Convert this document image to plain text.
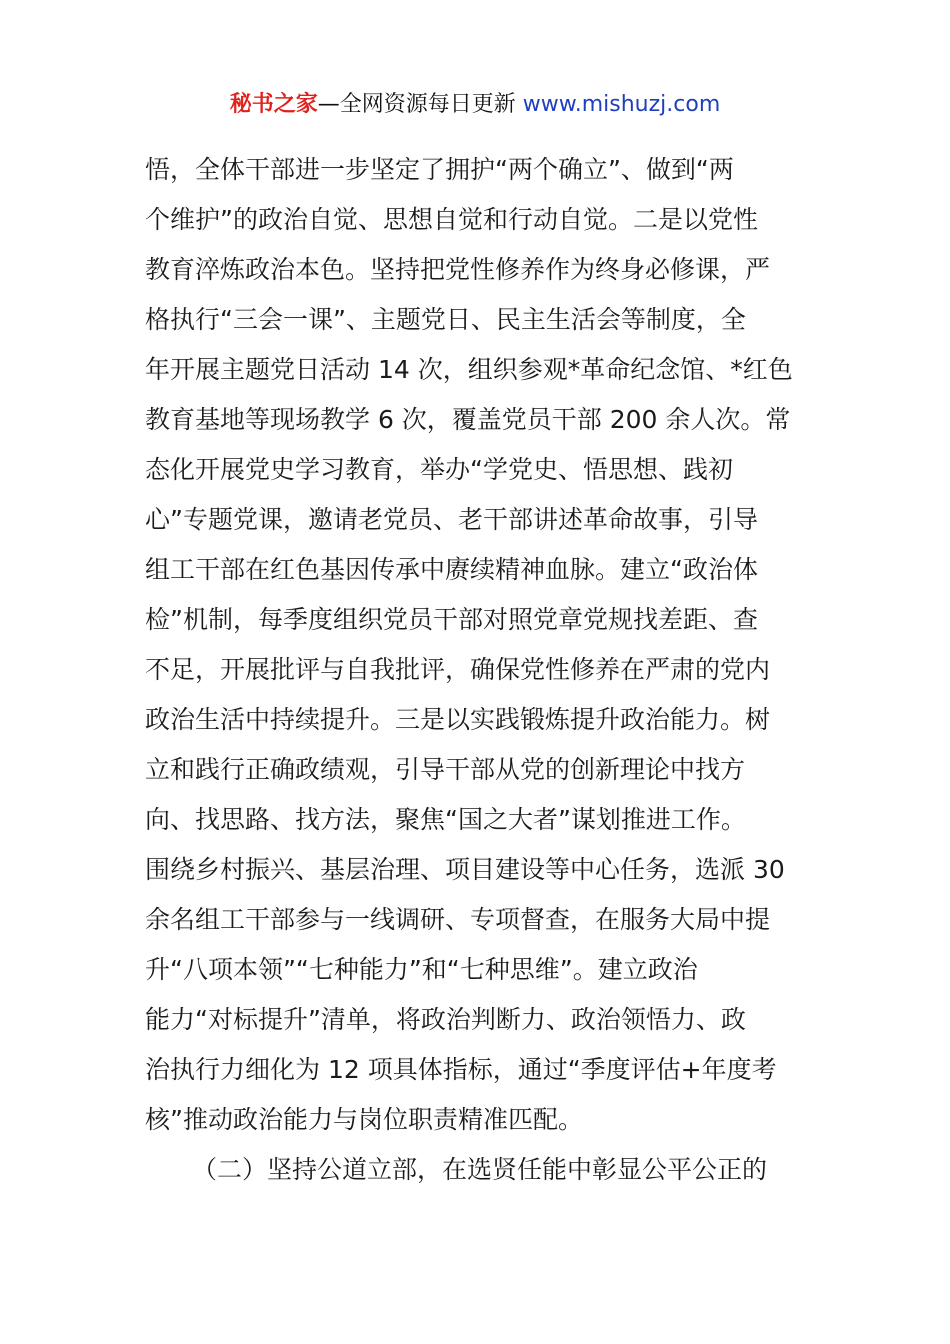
秘书之家—全网资源每日更新 www.mishuzj.com
悟，全体干部进一步坚定了拥护“两个确立”、做到“两
个维护”的政治自觉、思想自觉和行动自觉。二是以党性
教育淬炼政治本色。坚持把党性修养作为终身必修课，严
格执行“三会一课”、主题党日、民主生活会等制度，全
年开展主题党日活动 14 次，组织参观*革命纪念馆、*红色
教育基地等现场教学 6 次，覆盖党员干部 200 余人次。常
态化开展党史学习教育，举办“学党史、悟思想、践初
心”专题党课，邀请老党员、老干部讲述革命故事，引导
组工干部在红色基因传承中赓续精神血脉。建立“政治体
检”机制，每季度组织党员干部对照党章党规找差距、查
不足，开展批评与自我批评，确保党性修养在严肃的党内
政治生活中持续提升。三是以实践锻炼提升政治能力。树
立和践行正确政绩观，引导干部从党的创新理论中找方
向、找思路、找方法，聚焦“国之大者”谋划推进工作。
围绕乡村振兴、基层治理、项目建设等中心任务，选派 30
余名组工干部参与一线调研、专项督查，在服务大局中提
升“八项本领”“七种能力”和“七种思维”。建立政治
能力“对标提升”清单，将政治判断力、政治领悟力、政
治执行力细化为 12 项具体指标，通过“季度评估+年度考
核”推动政治能力与岗位职责精准匹配。
（二）坚持公道立部，在选贤任能中彰显公平公正的
